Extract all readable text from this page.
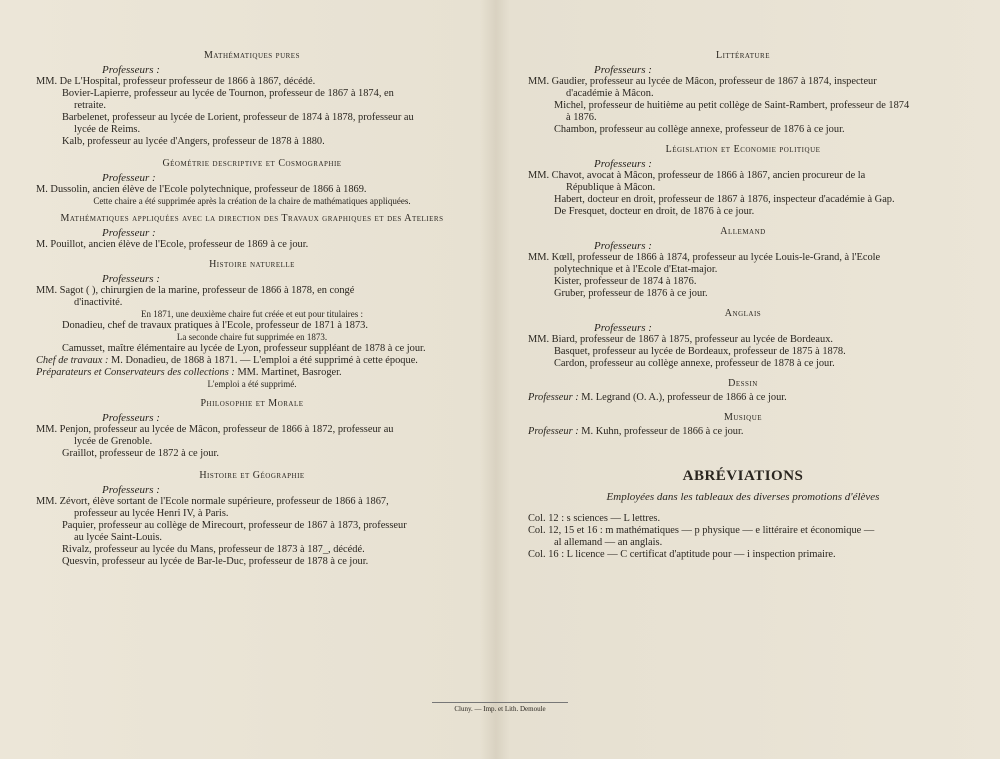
Mathématiques pures
Professeurs :
MM. De L'Hospital, professeur professeur de 1866 à 1867, décédé.
Bovier-Lapierre, professeur au lycée de Tournon, professeur de 1867 à 1874, en
retraite.
Barbelenet, professeur au lycée de Lorient, professeur de 1874 à 1878, professeur au
lycée de Reims.
Kalb, professeur au lycée d'Angers, professeur de 1878 à 1880.
Géométrie descriptive et Cosmographie
Professeur :
M. Dussolin, ancien élève de l'Ecole polytechnique, professeur de 1866 à 1869.
Cette chaire a été supprimée après la création de la chaire de mathématiques appliquées.
Mathématiques appliquées avec la direction des Travaux graphiques et des Ateliers
Professeur :
M. Pouillot, ancien élève de l'Ecole, professeur de 1869 à ce jour.
Histoire naturelle
Professeurs :
MM. Sagot ( ), chirurgien de la marine, professeur de 1866 à 1878, en congé
d'inactivité.
En 1871, une deuxième chaire fut créée et eut pour titulaires :
Donadieu, chef de travaux pratiques à l'Ecole, professeur de 1871 à 1873.
La seconde chaire fut supprimée en 1873.
Camusset, maître élémentaire au lycée de Lyon, professeur suppléant de 1878 à ce jour.
Chef de travaux : M. Donadieu, de 1868 à 1871. — L'emploi a été supprimé à cette époque.
Préparateurs et Conservateurs des collections : MM. Martinet, Basroger.
L'emploi a été supprimé.
Philosophie et Morale
Professeurs :
MM. Penjon, professeur au lycée de Mâcon, professeur de 1866 à 1872, professeur au
lycée de Grenoble.
Graillot, professeur de 1872 à ce jour.
Histoire et Géographie
Professeurs :
MM. Zévort, élève sortant de l'Ecole normale supérieure, professeur de 1866 à 1867,
professeur au lycée Henri IV, à Paris.
Paquier, professeur au collège de Mirecourt, professeur de 1867 à 1873, professeur
au lycée Saint-Louis.
Rivalz, professeur au lycée du Mans, professeur de 1873 à 187_, décédé.
Quesvin, professeur au lycée de Bar-le-Duc, professeur de 1878 à ce jour.
Littérature
Professeurs :
MM. Gaudier, professeur au lycée de Mâcon, professeur de 1867 à 1874, inspecteur
d'académie à Mâcon.
Michel, professeur de huitième au petit collège de Saint-Rambert, professeur de 1874
à 1876.
Chambon, professeur au collège annexe, professeur de 1876 à ce jour.
Législation et Economie politique
Professeurs :
MM. Chavot, avocat à Mâcon, professeur de 1866 à 1867, ancien procureur de la
République à Mâcon.
Habert, docteur en droit, professeur de 1867 à 1876, inspecteur d'académie à Gap.
De Fresquet, docteur en droit, de 1876 à ce jour.
Allemand
Professeurs :
MM. Kœll, professeur de 1866 à 1874, professeur au lycée Louis-le-Grand, à l'Ecole
polytechnique et à l'Ecole d'Etat-major.
Kister, professeur de 1874 à 1876.
Gruber, professeur de 1876 à ce jour.
Anglais
Professeurs :
MM. Biard, professeur de 1867 à 1875, professeur au lycée de Bordeaux.
Basquet, professeur au lycée de Bordeaux, professeur de 1875 à 1878.
Cardon, professeur au collège annexe, professeur de 1878 à ce jour.
Dessin
Professeur : M. Legrand (O. A.), professeur de 1866 à ce jour.
Musique
Professeur : M. Kuhn, professeur de 1866 à ce jour.
ABRÉVIATIONS
Employées dans les tableaux des diverses promotions d'élèves
Col. 12 : s sciences — L lettres.
Col. 12, 15 et 16 : m mathématiques — p physique — e littéraire et économique —
al allemand — an anglais.
Col. 16 : L licence — C certificat d'aptitude pour — i inspection primaire.
Cluny. — Imp. et Lith. Demoule
